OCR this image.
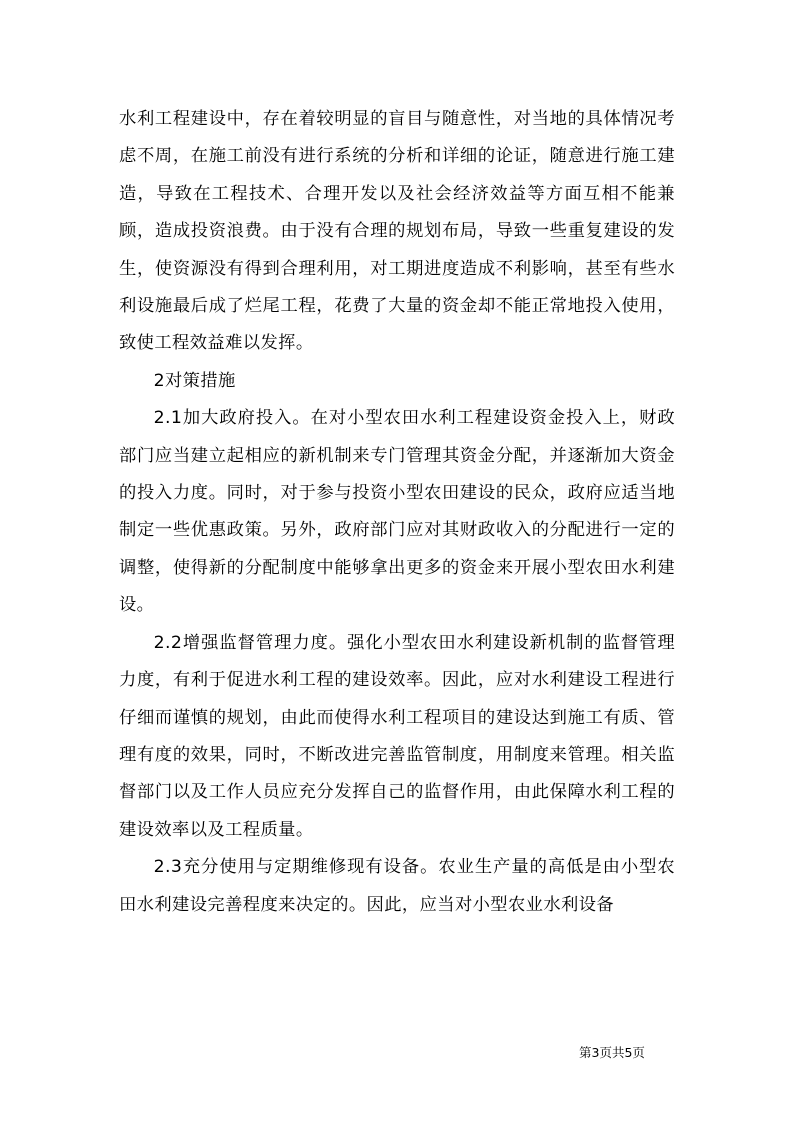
水利工程建设中，存在着较明显的盲目与随意性，对当地的具体情况考虑不周，在施工前没有进行系统的分析和详细的论证，随意进行施工建造，导致在工程技术、合理开发以及社会经济效益等方面互相不能兼顾，造成投资浪费。由于没有合理的规划布局，导致一些重复建设的发生，使资源没有得到合理利用，对工期进度造成不利影响，甚至有些水利设施最后成了烂尾工程，花费了大量的资金却不能正常地投入使用，致使工程效益难以发挥。

2对策措施

2.1加大政府投入。在对小型农田水利工程建设资金投入上，财政部门应当建立起相应的新机制来专门管理其资金分配，并逐渐加大资金的投入力度。同时，对于参与投资小型农田建设的民众，政府应适当地制定一些优惠政策。另外，政府部门应对其财政收入的分配进行一定的调整，使得新的分配制度中能够拿出更多的资金来开展小型农田水利建设。

2.2增强监督管理力度。强化小型农田水利建设新机制的监督管理力度，有利于促进水利工程的建设效率。因此，应对水利建设工程进行仔细而谨慎的规划，由此而使得水利工程项目的建设达到施工有质、管理有度的效果，同时，不断改进完善监管制度，用制度来管理。相关监督部门以及工作人员应充分发挥自己的监督作用，由此保障水利工程的建设效率以及工程质量。

2.3充分使用与定期维修现有设备。农业生产量的高低是由小型农田水利建设完善程度来决定的。因此，应当对小型农业水利设备

第3页共5页
